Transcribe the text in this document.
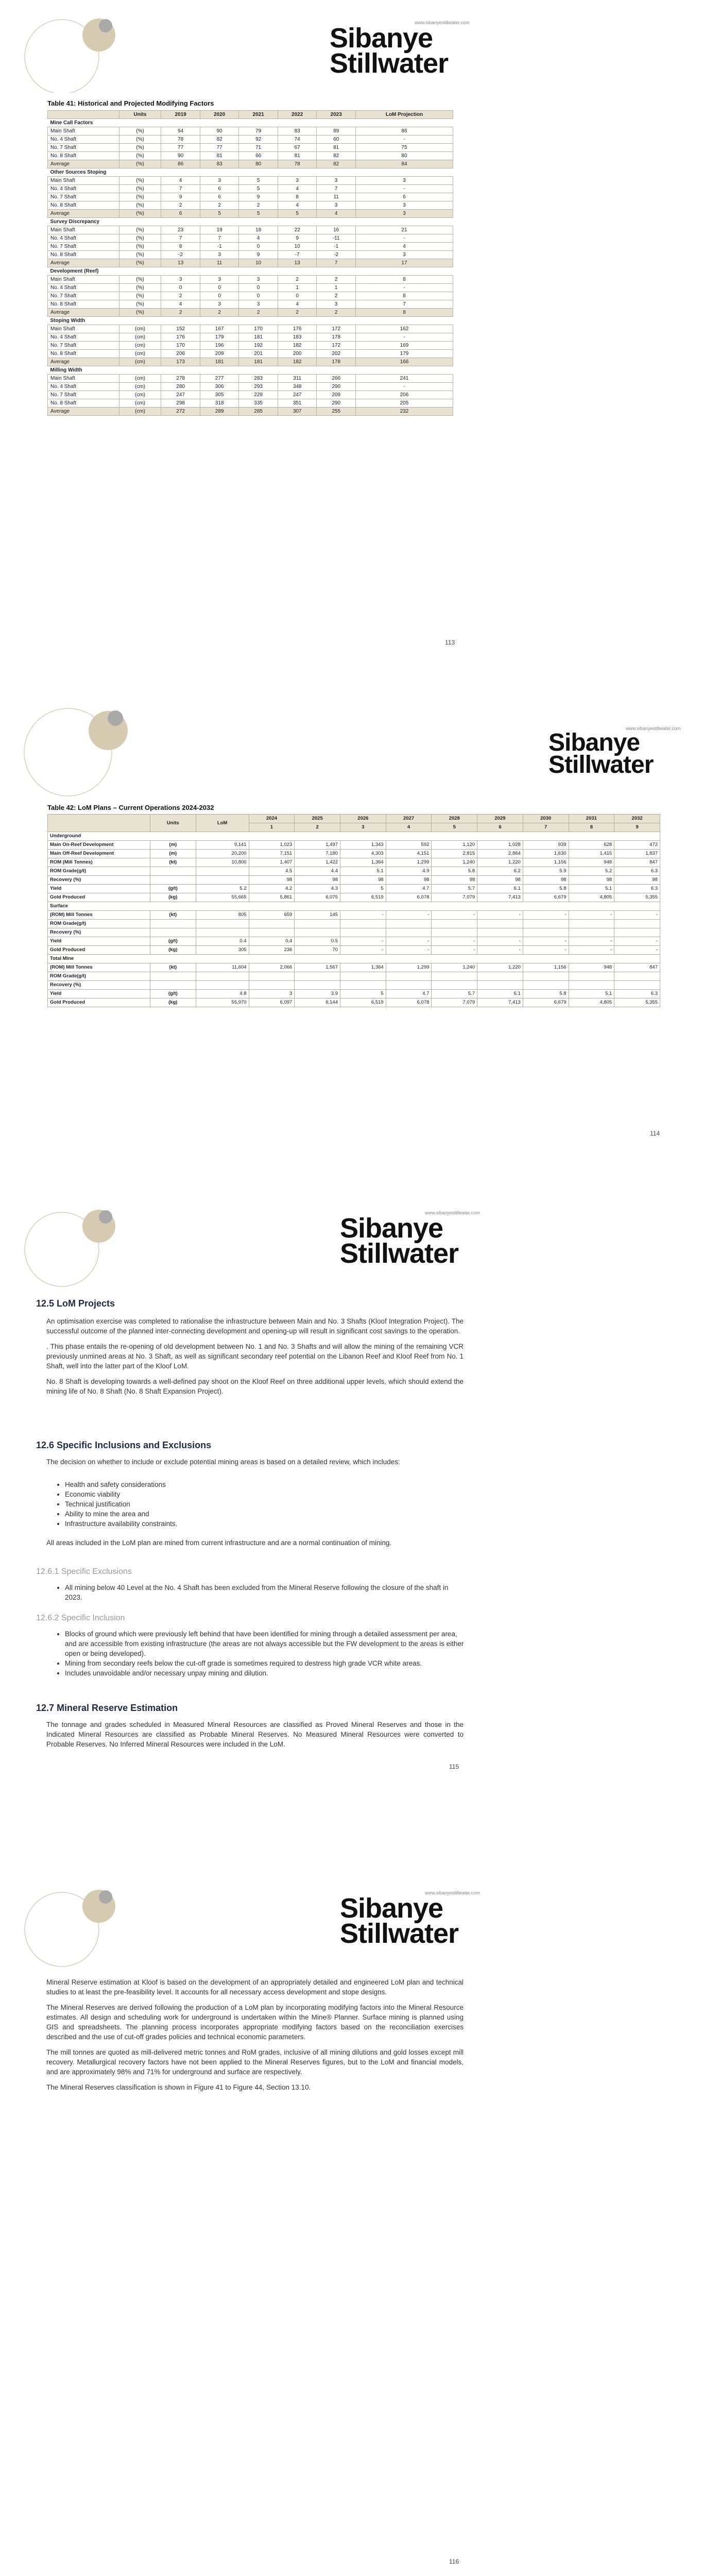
www.sibanyestillwater.com
Sibanye
Stillwater
Table 41: Historical and Projected Modifying Factors
	Units	2019	2020	2021	2022	2023	LoM Projection
Mine Call Factors							
Main Shaft	(%)	94	90	79	83	89	86
No. 4 Shaft	(%)	78	82	92	74	60	-
No. 7 Shaft	(%)	77	77	71	67	81	75
No. 8 Shaft	(%)	90	81	66	81	82	80
Average	(%)	86	83	80	78	82	84
Other Sources Stoping							
Main Shaft	(%)	4	3	5	3	3	3
No. 4 Shaft	(%)	7	6	5	4	7	-
No. 7 Shaft	(%)	9	6	9	8	11	6
No. 8 Shaft	(%)	2	2	2	4	3	3
Average	(%)	6	5	5	5	4	3
Survey Discrepancy							
Main Shaft	(%)	23	19	18	22	16	21
No. 4 Shaft	(%)	7	7	4	9	-11	-
No. 7 Shaft	(%)	8	-1	0	10	-1	4
No. 8 Shaft	(%)	-2	3	9	-7	-2	3
Average	(%)	13	11	10	13	7	17
Development (Reef)							
Main Shaft	(%)	3	3	3	2	2	8
No. 4 Shaft	(%)	0	0	0	1	1	-
No. 7 Shaft	(%)	2	0	0	0	2	8
No. 8 Shaft	(%)	4	3	3	4	3	7
Average	(%)	2	2	2	2	2	8
Stoping Width							
Main Shaft	(cm)	152	167	170	176	172	162
No. 4 Shaft	(cm)	176	179	181	183	178	-
No. 7 Shaft	(cm)	170	196	192	182	172	169
No. 8 Shaft	(cm)	206	209	201	200	202	179
Average	(cm)	173	181	181	182	178	166
Milling Width							
Main Shaft	(cm)	278	277	283	311	266	241
No. 4 Shaft	(cm)	280	306	293	348	290	-
No. 7 Shaft	(cm)	247	305	229	247	209	206
No. 8 Shaft	(cm)	298	318	335	351	290	205
Average	(cm)	272	289	285	307	255	232
113
www.sibanyestillwater.com
Sibanye
Stillwater
Table 42: LoM Plans – Current Operations 2024-2032
	Units	LoM	2024	2025	2026	2027	2028	2029	2030	2031	2032
			1	2	3	4	5	6	7	8	9
Underground											
Main On-Reef Development	(m)	9,141	1,023	1,497	1,343	592	1,120	1,028	939	628	472
Main Off-Reef Development	(m)	20,200	7,151	7,180	4,303	4,151	2,815	2,864	1,630	1,415	1,837
ROM (Mill Tonnes)	(kt)	10,800	1,407	1,422	1,364	1,299	1,240	1,220	1,156	948	847
ROM Grade(g/t)			4.5	4.4	5.1	4.9	5.8	6.2	5.9	5.2	6.3
Recovery (%)			98	98	98	98	98	98	98	98	98
Yield	(g/t)	5.2	4.2	4.3	5	4.7	5.7	6.1	5.8	5.1	6.3
Gold Produced	(kg)	55,665	5,861	6,075	6,519	6,078	7,079	7,413	6,679	4,805	5,355
Surface											
(ROM) Mill Tonnes	(kt)	805	659	145	-	-	-	-	-	-	-
ROM Grade(g/t)											
Recovery (%)											
Yield	(g/t)	0.4	0.4	0.5	-	-	-	-	-	-	-
Gold Produced	(kg)	305	236	70	-	-	-	-	-	-	-
Total Mine											
(ROM) Mill Tonnes	(kt)	11,604	2,066	1,567	1,364	1,299	1,240	1,220	1,156	948	847
ROM Grade(g/t)											
Recovery (%)											
Yield	(g/t)	4.8	3	3.9	5	4.7	5.7	6.1	5.8	5.1	6.3
Gold Produced	(kg)	55,970	6,097	6,144	6,519	6,078	7,079	7,413	6,679	4,805	5,355
114
www.sibanyestillwater.com
Sibanye
Stillwater
12.5 LoM Projects

An optimisation exercise was completed to rationalise the infrastructure between Main and No. 3 Shafts (Kloof Integration Project). The successful outcome of the planned inter-connecting development and opening-up will result in significant cost savings to the operation.

. This phase entails the re-opening of old development between No. 1 and No. 3 Shafts and will allow the mining of the remaining VCR previously unmined areas at No. 3 Shaft, as well as significant secondary reef potential on the Libanon Reef and Kloof Reef from No. 1 Shaft, well into the latter part of the Kloof LoM.

No. 8 Shaft is developing towards a well-defined pay shoot on the Kloof Reef on three additional upper levels, which should extend the mining life of No. 8 Shaft (No. 8 Shaft Expansion Project).

12.6 Specific Inclusions and Exclusions
The decision on whether to include or exclude potential mining areas is based on a detailed review, which includes:
• Health and safety considerations
• Economic viability
• Technical justification
• Ability to mine the area and
• Infrastructure availability constraints.
All areas included in the LoM plan are mined from current infrastructure and are a normal continuation of mining.
12.6.1 Specific Exclusions
• All mining below 40 Level at the No. 4 Shaft has been excluded from the Mineral Reserve following the closure of the shaft in 2023.
12.6.2 Specific Inclusion
• Blocks of ground which were previously left behind that have been identified for mining through a detailed assessment per area, and are accessible from existing infrastructure (the areas are not always accessible but the FW development to the areas is either open or being developed).
• Mining from secondary reefs below the cut-off grade is sometimes required to destress high grade VCR white areas.
• Includes unavoidable and/or necessary unpay mining and dilution.
12.7 Mineral Reserve Estimation
The tonnage and grades scheduled in Measured Mineral Resources are classified as Proved Mineral Reserves and those in the Indicated Mineral Resources are classified as Probable Mineral Reserves. No Measured Mineral Resources were converted to Probable Reserves. No Inferred Mineral Resources were included in the LoM.
115
www.sibanyestillwater.com
Sibanye
Stillwater

Mineral Reserve estimation at Kloof is based on the development of an appropriately detailed and engineered LoM plan and technical studies to at least the pre-feasibility level. It accounts for all necessary access development and stope designs.

The Mineral Reserves are derived following the production of a LoM plan by incorporating modifying factors into the Mineral Resource estimates. All design and scheduling work for underground is undertaken within the Mine® Planner. Surface mining is planned using GIS and spreadsheets. The planning process incorporates appropriate modifying factors based on the reconciliation exercises described and the use of cut-off grades policies and technical economic parameters.

The mill tonnes are quoted as mill-delivered metric tonnes and RoM grades, inclusive of all mining dilutions and gold losses except mill recovery. Metallurgical recovery factors have not been applied to the Mineral Reserves figures, but to the LoM and financial models, and are approximately 98% and 71% for underground and surface are respectively.

The Mineral Reserves classification is shown in Figure 41 to Figure 44, Section 13.10.

116
